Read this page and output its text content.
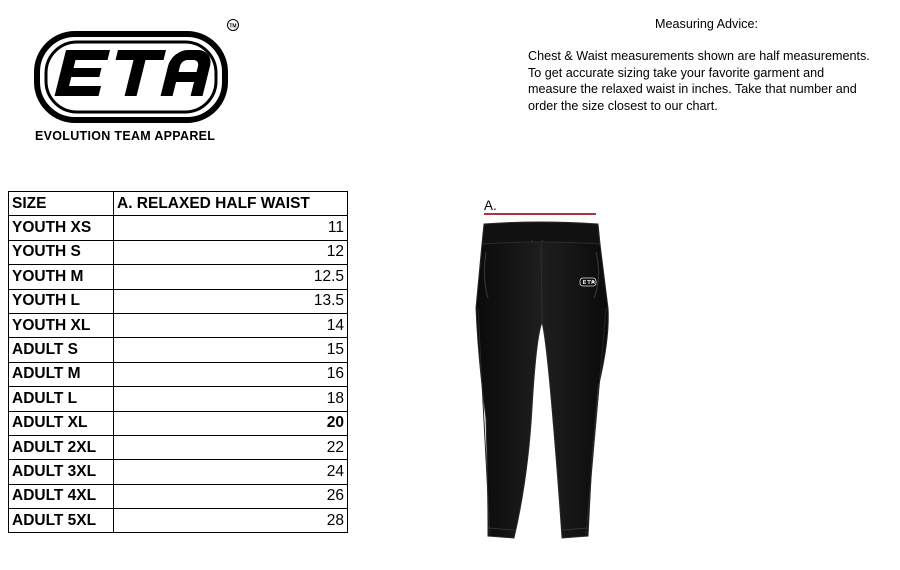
TM
EVOLUTION TEAM APPAREL
Measuring Advice:
Chest & Waist measurements shown are half measurements.
To get accurate sizing take your favorite garment and
measure the relaxed waist in inches. Take that number and
order the size closest to our chart.
SIZE	A. RELAXED HALF WAIST
YOUTH XS	11
YOUTH S	12
YOUTH M	12.5
YOUTH L	13.5
YOUTH XL	14
ADULT S	15
ADULT M	16
ADULT L	18
ADULT XL	20
ADULT 2XL	22
ADULT 3XL	24
ADULT 4XL	26
ADULT 5XL	28
A.
